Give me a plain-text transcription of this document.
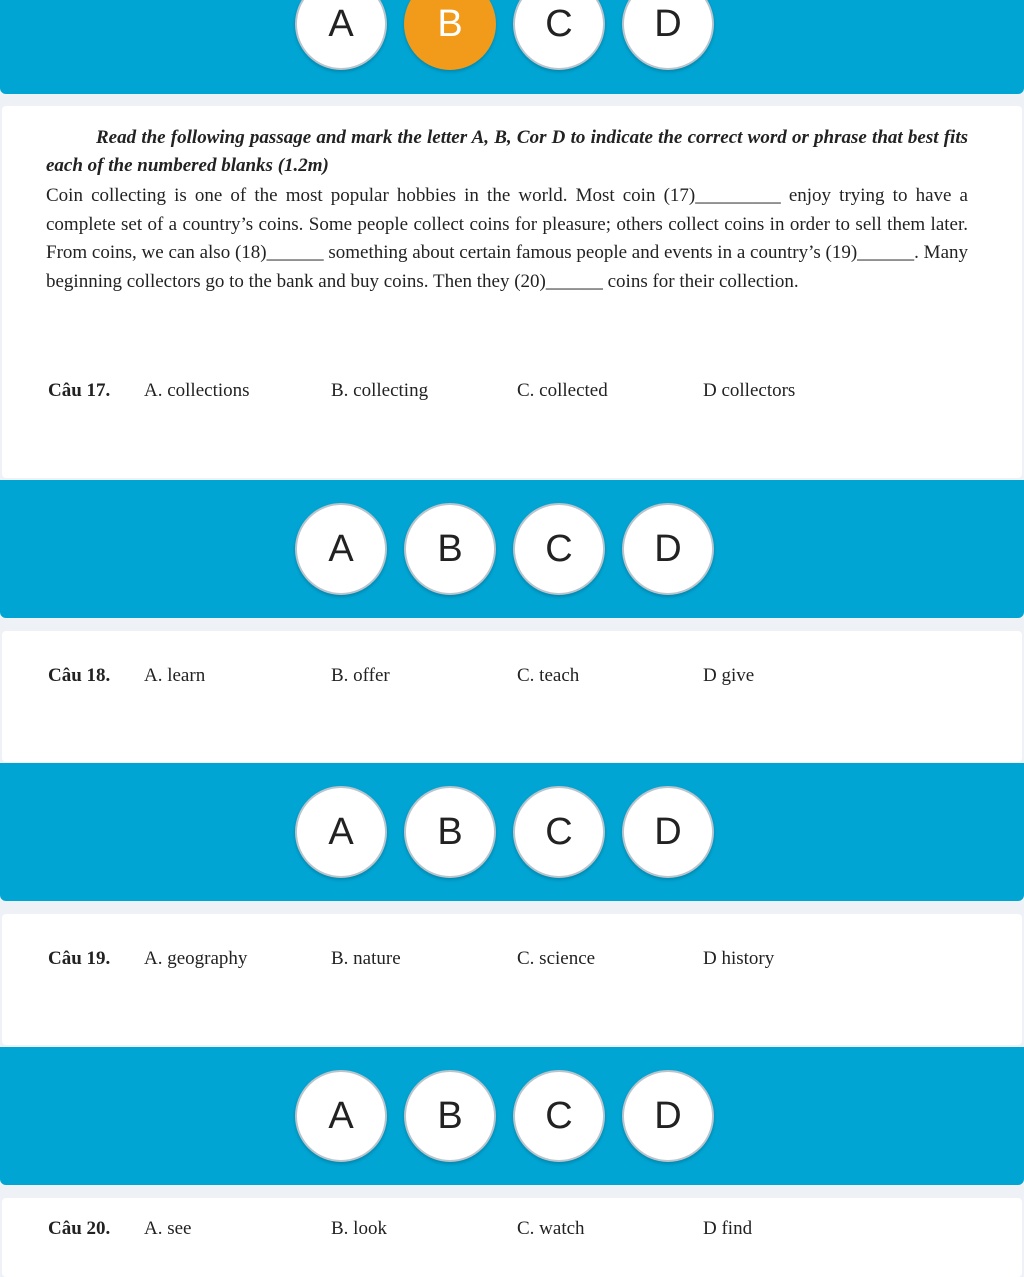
A	B	C	D
Read the following passage and mark the letter A, B, Cor D to indicate the correct word or phrase that best fits each of the numbered blanks (1.2m)
Coin collecting is one of the most popular hobbies in the world. Most coin (17)_________ enjoy trying to have a complete set of a country’s coins. Some people collect coins for pleasure; others collect coins in order to sell them later. From coins, we can also (18)______ something about certain famous people and events in a country’s (19)______. Many beginning collectors go to the bank and buy coins. Then they (20)______ coins for their collection.
Câu 17. A. collections	B. collecting	C. collected	D collectors
A	B	C	D
Câu 18. A. learn	B. offer	C. teach	D give
A	B	C	D
Câu 19. A. geography	B. nature	C. science	D history
A	B	C	D
Câu 20. A. see	B. look	C. watch	D find
